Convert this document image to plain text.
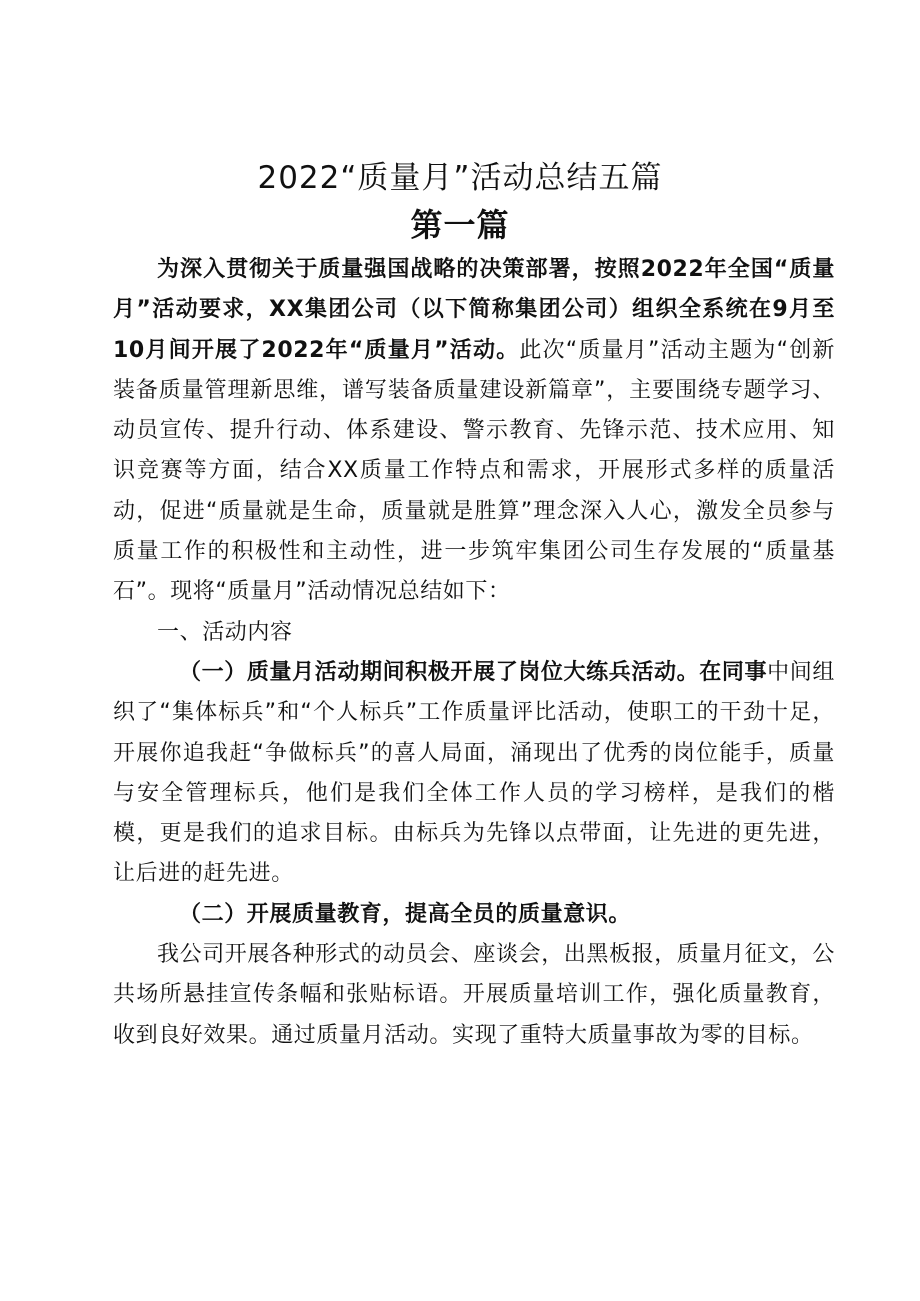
2022“质量月”活动总结五篇
第一篇

为深入贯彻关于质量强国战略的决策部署，按照2022年全国“质量月”活动要求，XX集团公司（以下简称集团公司）组织全系统在9月至10月间开展了2022年“质量月”活动。此次“质量月”活动主题为“创新装备质量管理新思维，谱写装备质量建设新篇章”，主要围绕专题学习、动员宣传、提升行动、体系建设、警示教育、先锋示范、技术应用、知识竞赛等方面，结合XX质量工作特点和需求，开展形式多样的质量活动，促进“质量就是生命，质量就是胜算”理念深入人心，激发全员参与质量工作的积极性和主动性，进一步筑牢集团公司生存发展的“质量基石”。现将“质量月”活动情况总结如下：

一、活动内容

（一）质量月活动期间积极开展了岗位大练兵活动。在同事中间组织了“集体标兵”和“个人标兵”工作质量评比活动，使职工的干劲十足，开展你追我赶“争做标兵”的喜人局面，涌现出了优秀的岗位能手，质量与安全管理标兵，他们是我们全体工作人员的学习榜样，是我们的楷模，更是我们的追求目标。由标兵为先锋以点带面，让先进的更先进，让后进的赶先进。

（二）开展质量教育，提高全员的质量意识。

我公司开展各种形式的动员会、座谈会，出黑板报，质量月征文，公共场所悬挂宣传条幅和张贴标语。开展质量培训工作，强化质量教育，收到良好效果。通过质量月活动。实现了重特大质量事故为零的目标。
